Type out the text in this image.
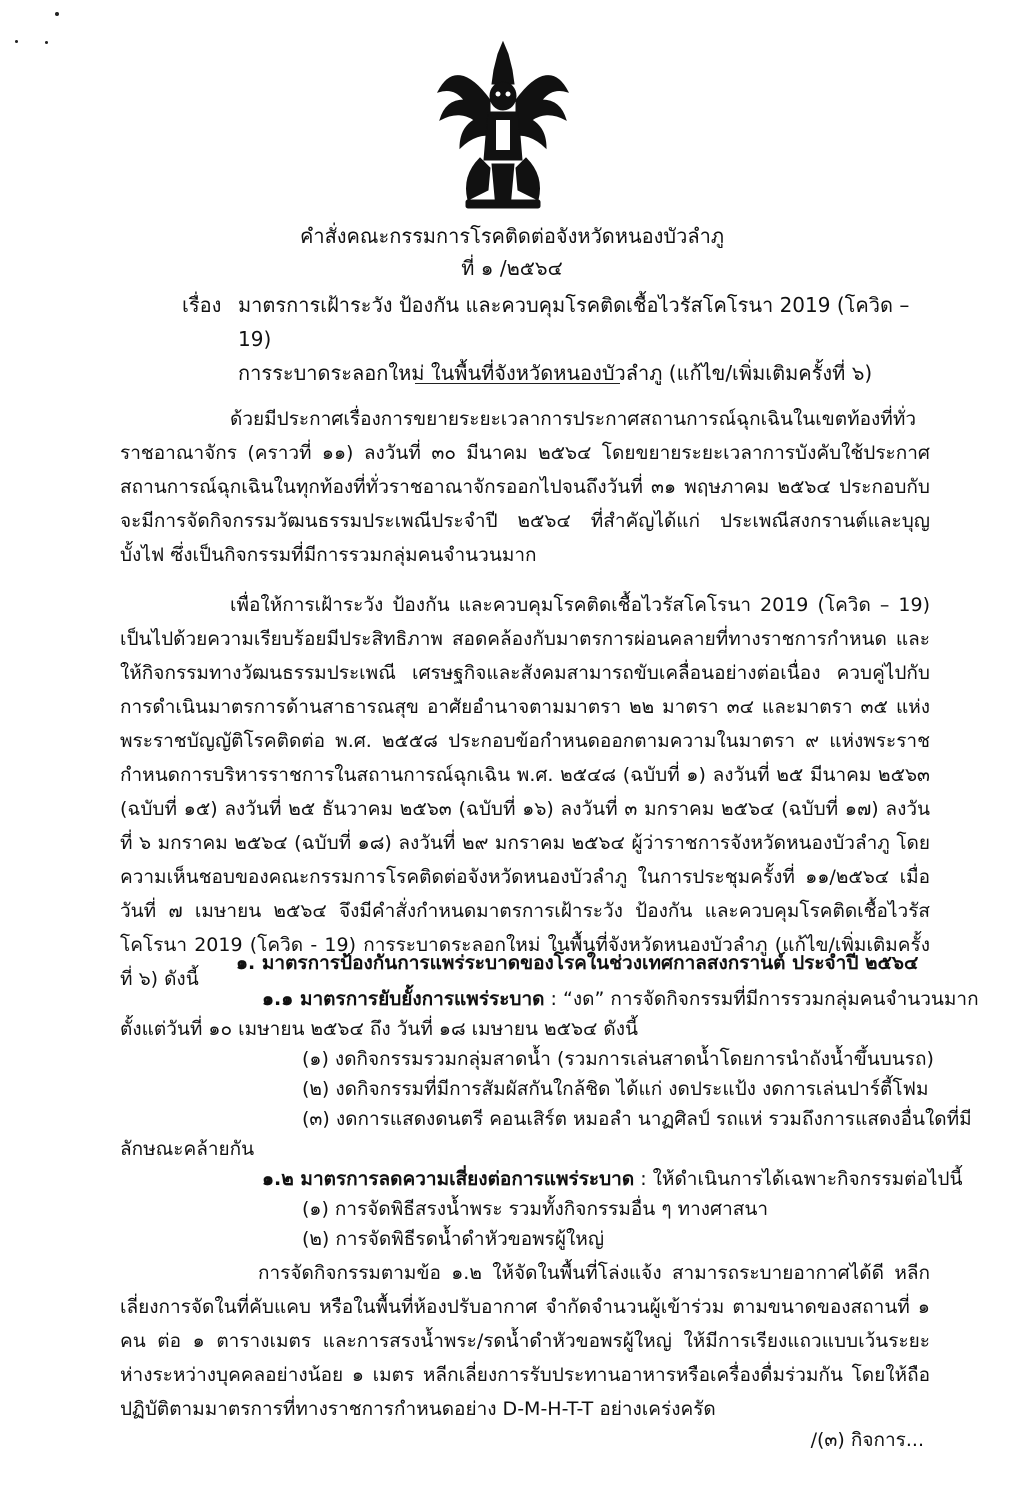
คำสั่งคณะกรรมการโรคติดต่อจังหวัดหนองบัวลำภู

ที่ ๑ /๒๕๖๔

เรื่อง มาตรการเฝ้าระวัง ป้องกัน และควบคุมโรคติดเชื้อไวรัสโคโรนา 2019 (โควิด – 19)

การระบาดระลอกใหม่ ในพื้นที่จังหวัดหนองบัวลำภู (แก้ไข/เพิ่มเติมครั้งที่ ๖)

ด้วยมีประกาศเรื่องการขยายระยะเวลาการประกาศสถานการณ์ฉุกเฉินในเขตท้องที่ทั่วราชอาณาจักร (คราวที่ ๑๑) ลงวันที่ ๓๐ มีนาคม ๒๕๖๔ โดยขยายระยะเวลาการบังคับใช้ประกาศสถานการณ์ฉุกเฉินในทุกท้องที่ทั่วราชอาณาจักรออกไปจนถึงวันที่ ๓๑ พฤษภาคม ๒๕๖๔ ประกอบกับจะมีการจัดกิจกรรมวัฒนธรรมประเพณีประจำปี ๒๕๖๔ ที่สำคัญได้แก่ ประเพณีสงกรานต์และบุญบั้งไฟ ซึ่งเป็นกิจกรรมที่มีการรวมกลุ่มคนจำนวนมาก

เพื่อให้การเฝ้าระวัง ป้องกัน และควบคุมโรคติดเชื้อไวรัสโคโรนา 2019 (โควิด – 19) เป็นไปด้วยความเรียบร้อยมีประสิทธิภาพ สอดคล้องกับมาตรการผ่อนคลายที่ทางราชการกำหนด และให้กิจกรรมทางวัฒนธรรมประเพณี เศรษฐกิจและสังคมสามารถขับเคลื่อนอย่างต่อเนื่อง ควบคู่ไปกับการดำเนินมาตรการด้านสาธารณสุข อาศัยอำนาจตามมาตรา ๒๒ มาตรา ๓๔ และมาตรา ๓๕ แห่งพระราชบัญญัติโรคติดต่อ พ.ศ. ๒๕๕๘ ประกอบข้อกำหนดออกตามความในมาตรา ๙ แห่งพระราชกำหนดการบริหารราชการในสถานการณ์ฉุกเฉิน พ.ศ. ๒๕๔๘ (ฉบับที่ ๑) ลงวันที่ ๒๕ มีนาคม ๒๕๖๓ (ฉบับที่ ๑๕) ลงวันที่ ๒๕ ธันวาคม ๒๕๖๓ (ฉบับที่ ๑๖) ลงวันที่ ๓ มกราคม ๒๕๖๔ (ฉบับที่ ๑๗) ลงวันที่ ๖ มกราคม ๒๕๖๔ (ฉบับที่ ๑๘) ลงวันที่ ๒๙ มกราคม ๒๕๖๔ ผู้ว่าราชการจังหวัดหนองบัวลำภู โดยความเห็นชอบของคณะกรรมการโรคติดต่อจังหวัดหนองบัวลำภู ในการประชุมครั้งที่ ๑๑/๒๕๖๔ เมื่อวันที่ ๗ เมษายน ๒๕๖๔ จึงมีคำสั่งกำหนดมาตรการเฝ้าระวัง ป้องกัน และควบคุมโรคติดเชื้อไวรัสโคโรนา 2019 (โควิด - 19) การระบาดระลอกใหม่ ในพื้นที่จังหวัดหนองบัวลำภู (แก้ไข/เพิ่มเติมครั้งที่ ๖) ดังนี้

๑. มาตรการป้องกันการแพร่ระบาดของโรคในช่วงเทศกาลสงกรานต์ ประจำปี ๒๕๖๔

๑.๑ มาตรการยับยั้งการแพร่ระบาด : “งด” การจัดกิจกรรมที่มีการรวมกลุ่มคนจำนวนมาก

ตั้งแต่วันที่ ๑๐ เมษายน ๒๕๖๔ ถึง วันที่ ๑๘ เมษายน ๒๕๖๔ ดังนี้

(๑) งดกิจกรรมรวมกลุ่มสาดน้ำ (รวมการเล่นสาดน้ำโดยการนำถังน้ำขึ้นบนรถ)

(๒) งดกิจกรรมที่มีการสัมผัสกันใกล้ชิด ได้แก่ งดประแป้ง งดการเล่นปาร์ตี้โฟม

(๓) งดการแสดงดนตรี คอนเสิร์ต หมอลำ นาฏศิลป์ รถแห่ รวมถึงการแสดงอื่นใดที่มี

ลักษณะคล้ายกัน

๑.๒ มาตรการลดความเสี่ยงต่อการแพร่ระบาด : ให้ดำเนินการได้เฉพาะกิจกรรมต่อไปนี้

(๑) การจัดพิธีสรงน้ำพระ รวมทั้งกิจกรรมอื่น ๆ ทางศาสนา

(๒) การจัดพิธีรดน้ำดำหัวขอพรผู้ใหญ่

การจัดกิจกรรมตามข้อ ๑.๒ ให้จัดในพื้นที่โล่งแจ้ง สามารถระบายอากาศได้ดี หลีกเลี่ยงการจัดในที่คับแคบ หรือในพื้นที่ห้องปรับอากาศ จำกัดจำนวนผู้เข้าร่วม ตามขนาดของสถานที่ ๑ คน ต่อ ๑ ตารางเมตร และการสรงน้ำพระ/รดน้ำดำหัวขอพรผู้ใหญ่ ให้มีการเรียงแถวแบบเว้นระยะห่างระหว่างบุคคลอย่างน้อย ๑ เมตร หลีกเลี่ยงการรับประทานอาหารหรือเครื่องดื่มร่วมกัน โดยให้ถือปฏิบัติตามมาตรการที่ทางราชการกำหนดอย่าง D-M-H-T-T อย่างเคร่งครัด

/(๓) กิจการ...
